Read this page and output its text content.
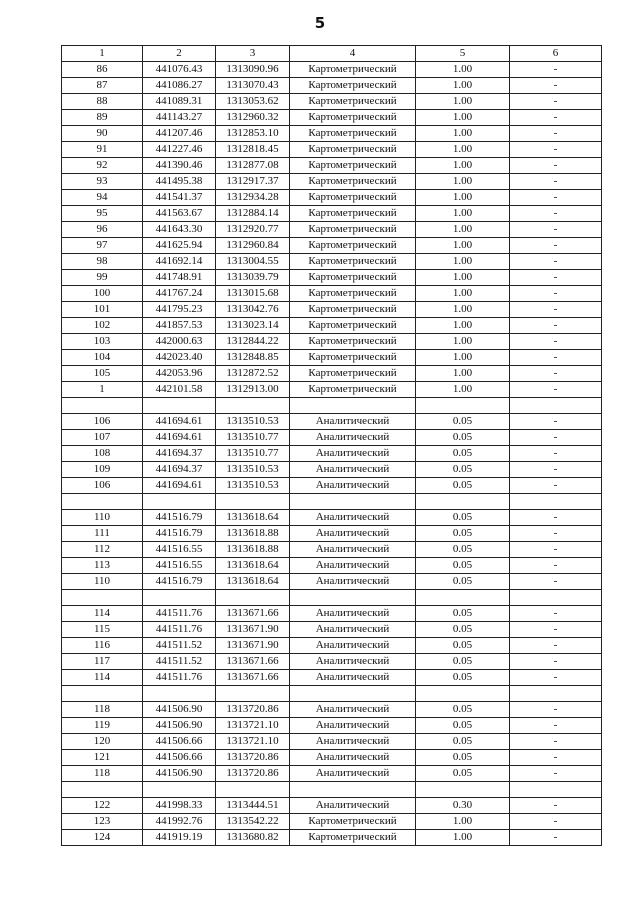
5
1	2	3	4	5	6
86	441076.43	1313090.96	Картометрический	1.00	-
87	441086.27	1313070.43	Картометрический	1.00	-
88	441089.31	1313053.62	Картометрический	1.00	-
89	441143.27	1312960.32	Картометрический	1.00	-
90	441207.46	1312853.10	Картометрический	1.00	-
91	441227.46	1312818.45	Картометрический	1.00	-
92	441390.46	1312877.08	Картометрический	1.00	-
93	441495.38	1312917.37	Картометрический	1.00	-
94	441541.37	1312934.28	Картометрический	1.00	-
95	441563.67	1312884.14	Картометрический	1.00	-
96	441643.30	1312920.77	Картометрический	1.00	-
97	441625.94	1312960.84	Картометрический	1.00	-
98	441692.14	1313004.55	Картометрический	1.00	-
99	441748.91	1313039.79	Картометрический	1.00	-
100	441767.24	1313015.68	Картометрический	1.00	-
101	441795.23	1313042.76	Картометрический	1.00	-
102	441857.53	1313023.14	Картометрический	1.00	-
103	442000.63	1312844.22	Картометрический	1.00	-
104	442023.40	1312848.85	Картометрический	1.00	-
105	442053.96	1312872.52	Картометрический	1.00	-
1	442101.58	1312913.00	Картометрический	1.00	-

106	441694.61	1313510.53	Аналитический	0.05	-
107	441694.61	1313510.77	Аналитический	0.05	-
108	441694.37	1313510.77	Аналитический	0.05	-
109	441694.37	1313510.53	Аналитический	0.05	-
106	441694.61	1313510.53	Аналитический	0.05	-

110	441516.79	1313618.64	Аналитический	0.05	-
111	441516.79	1313618.88	Аналитический	0.05	-
112	441516.55	1313618.88	Аналитический	0.05	-
113	441516.55	1313618.64	Аналитический	0.05	-
110	441516.79	1313618.64	Аналитический	0.05	-

114	441511.76	1313671.66	Аналитический	0.05	-
115	441511.76	1313671.90	Аналитический	0.05	-
116	441511.52	1313671.90	Аналитический	0.05	-
117	441511.52	1313671.66	Аналитический	0.05	-
114	441511.76	1313671.66	Аналитический	0.05	-

118	441506.90	1313720.86	Аналитический	0.05	-
119	441506.90	1313721.10	Аналитический	0.05	-
120	441506.66	1313721.10	Аналитический	0.05	-
121	441506.66	1313720.86	Аналитический	0.05	-
118	441506.90	1313720.86	Аналитический	0.05	-

122	441998.33	1313444.51	Аналитический	0.30	-
123	441992.76	1313542.22	Картометрический	1.00	-
124	441919.19	1313680.82	Картометрический	1.00	-
